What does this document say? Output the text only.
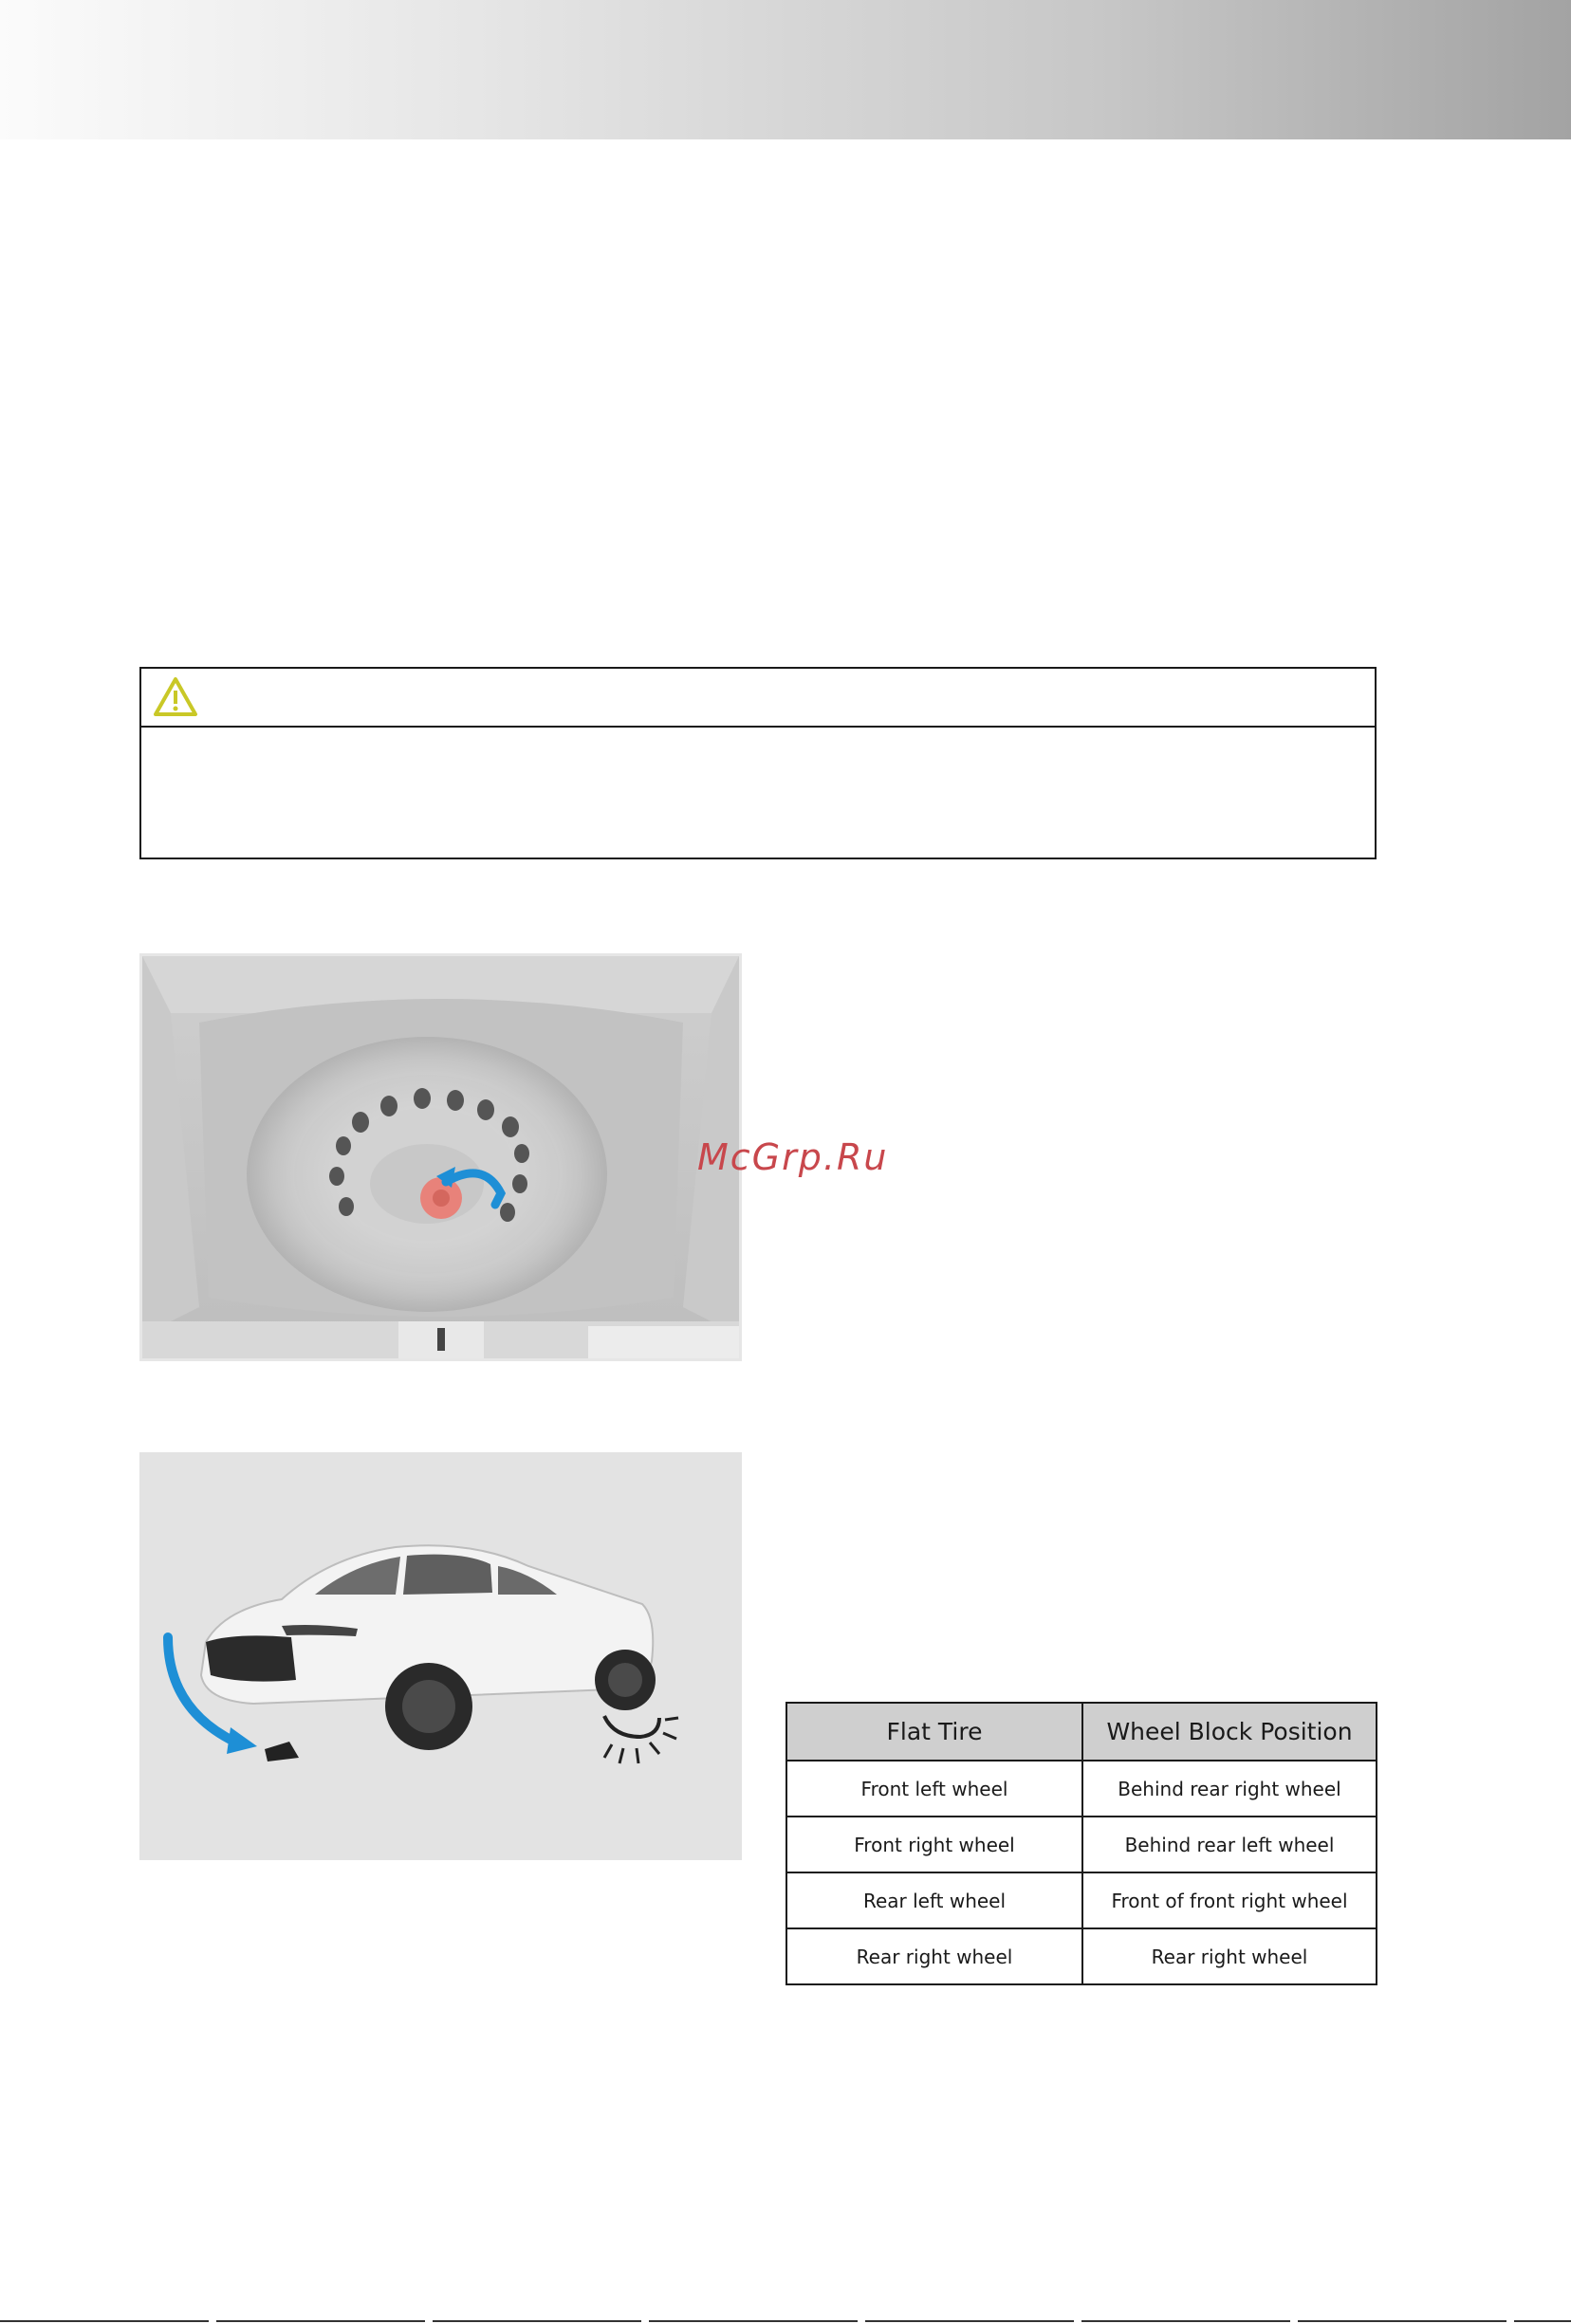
McGrp.Ru
Flat Tire	Wheel Block Position
Front left wheel	Behind rear right wheel
Front right wheel	Behind rear left wheel
Rear left wheel	Front of front right wheel
Rear right wheel	Rear right wheel
